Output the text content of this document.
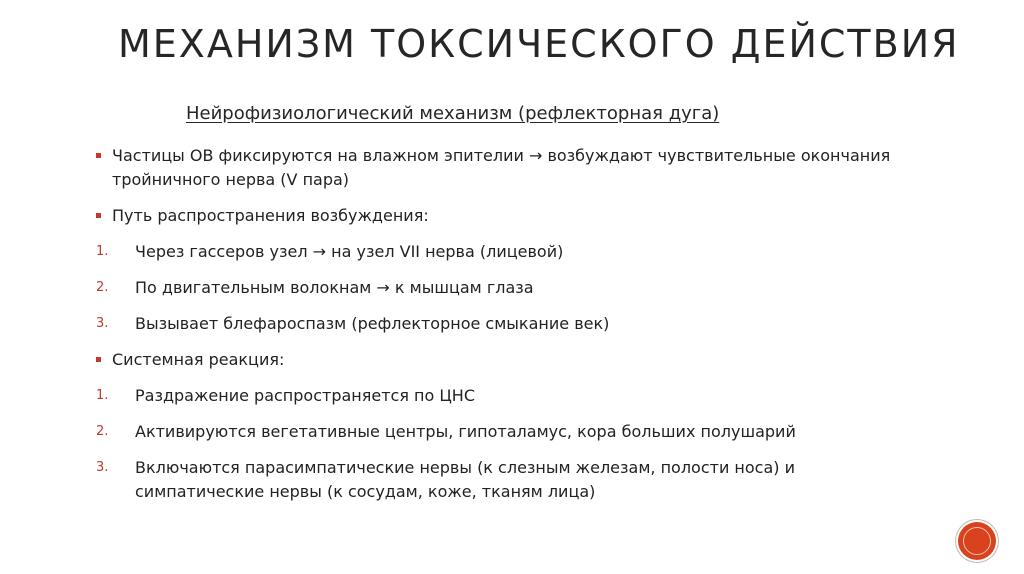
МЕХАНИЗМ ТОКСИЧЕСКОГО ДЕЙСТВИЯ
Нейрофизиологический механизм (рефлекторная дуга)
Частицы ОВ фиксируются на влажном эпителии → возбуждают чувствительные окончания тройничного нерва (V пара)
Путь распространения возбуждения:
1. Через гассеров узел → на узел VII нерва (лицевой)
2. По двигательным волокнам → к мышцам глаза
3. Вызывает блефароспазм (рефлекторное смыкание век)
Системная реакция:
1. Раздражение распространяется по ЦНС
2. Активируются вегетативные центры, гипоталамус, кора больших полушарий
3. Включаются парасимпатические нервы (к слезным железам, полости носа) и симпатические нервы (к сосудам, коже, тканям лица)
